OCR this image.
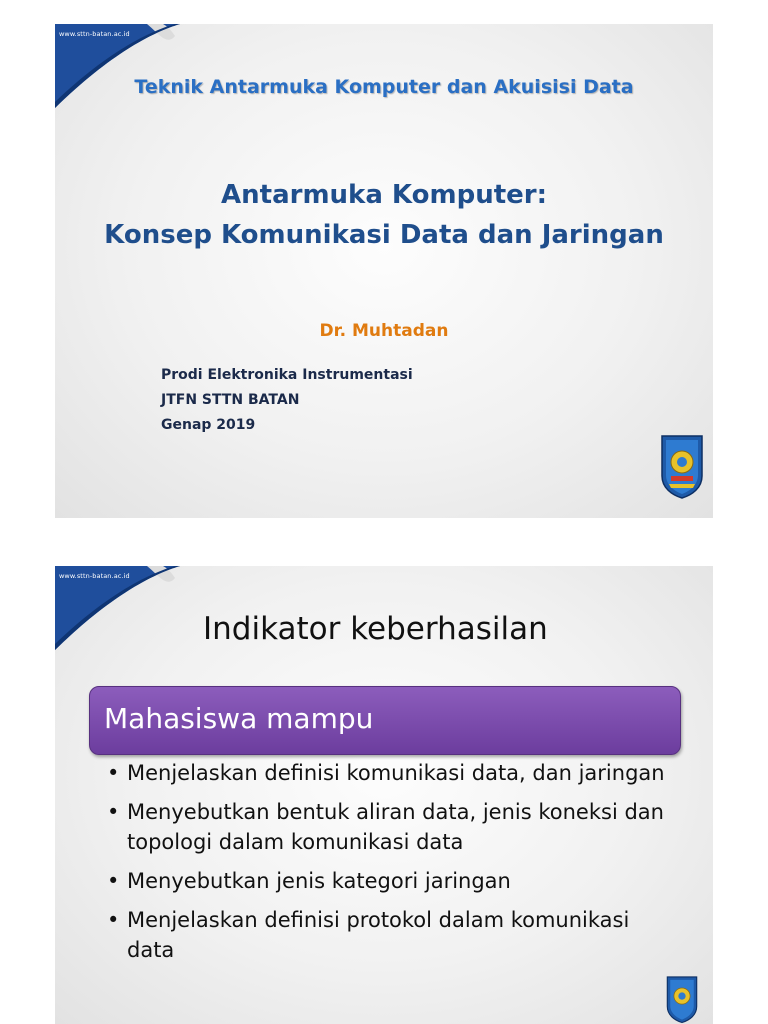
www.sttn-batan.ac.id
Teknik Antarmuka Komputer dan Akuisisi Data
Antarmuka Komputer:
Konsep Komunikasi Data dan Jaringan
Dr. Muhtadan
Prodi Elektronika Instrumentasi
JTFN STTN BATAN
Genap 2019
www.sttn-batan.ac.id
Indikator keberhasilan
Mahasiswa mampu
• Menjelaskan definisi komunikasi data, dan jaringan
• Menyebutkan bentuk aliran data, jenis koneksi dan topologi dalam komunikasi data
• Menyebutkan jenis kategori jaringan
• Menjelaskan definisi protokol dalam komunikasi data
